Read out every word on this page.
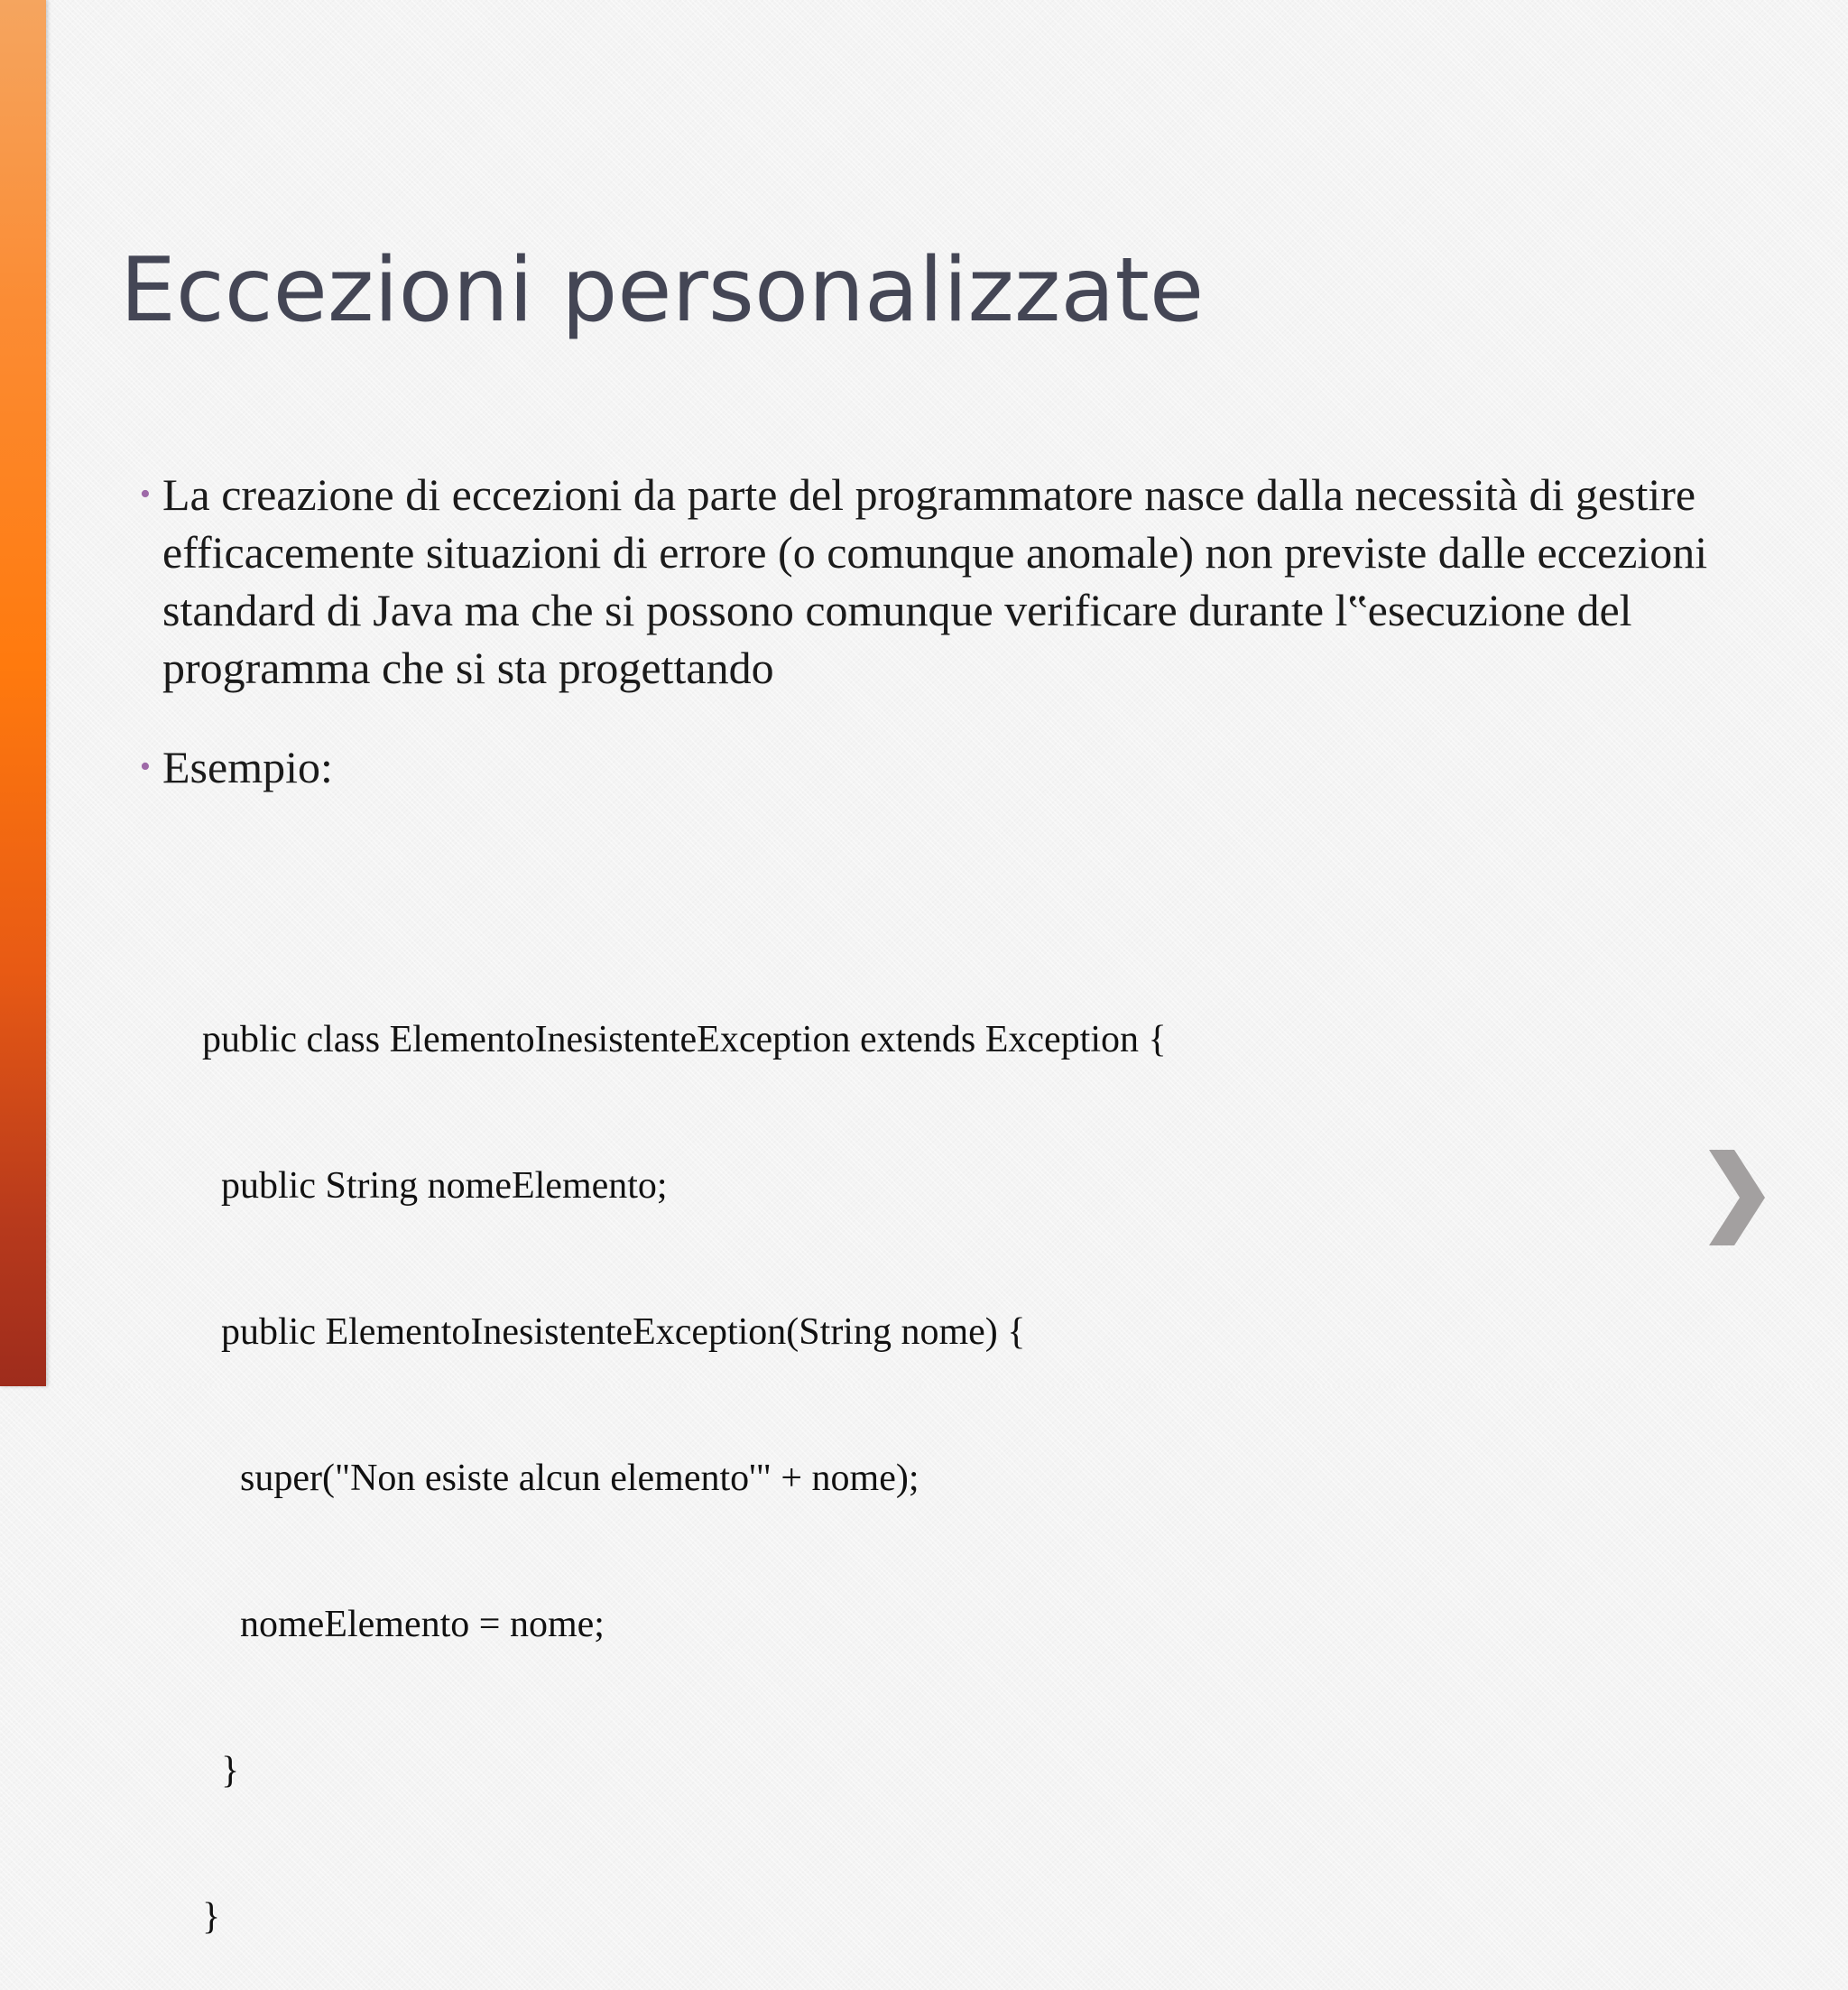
Eccezioni personalizzate
• La creazione di eccezioni da parte del programmatore nasce dalla necessità di gestire efficacemente situazioni di errore (o comunque anomale) non previste dalle eccezioni standard di Java ma che si possono comunque verificare durante l‟esecuzione del programma che si sta progettando
• Esempio:

public class ElementoInesistenteException extends Exception {

public String nomeElemento;

public ElementoInesistenteException(String nome) {

super("Non esiste alcun elemento'" + nome);

nomeElemento = nome;

}

}
